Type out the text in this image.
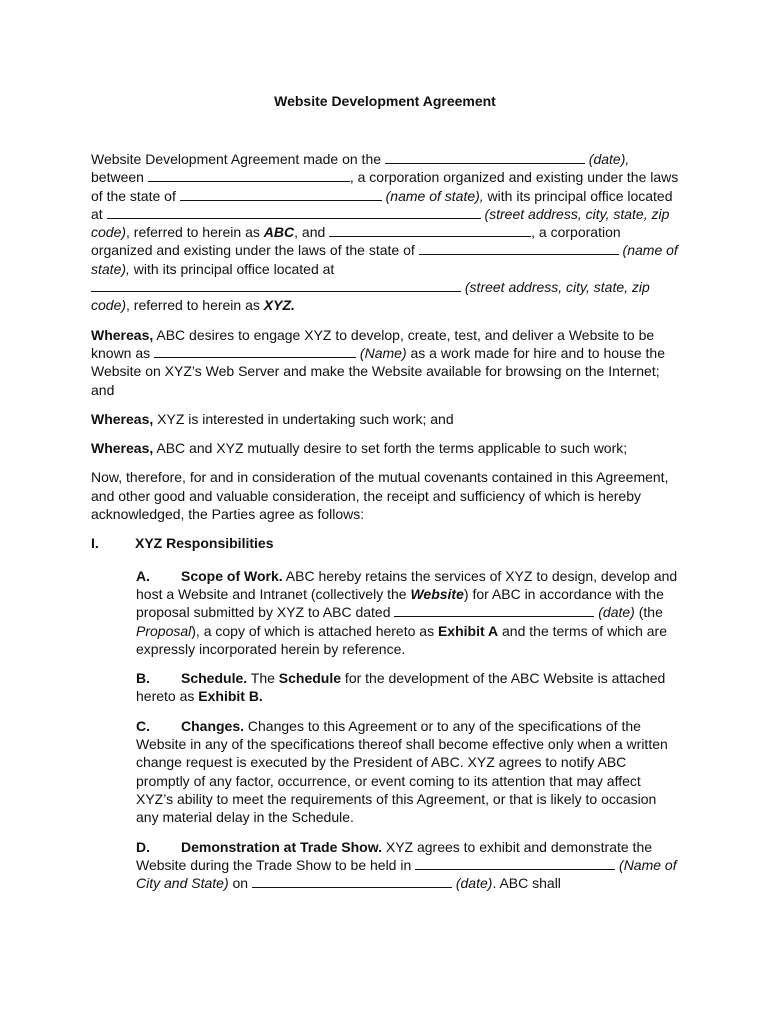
Website Development Agreement

Website Development Agreement made on the	(date), between	, a corporation organized and existing under the laws of the state of	(name of state), with its principal office located at	(street address, city, state, zip code), referred to herein as ABC, and	, a corporation organized and existing under the laws of the state of	(name of state), with its principal office located at  (street address, city, state, zip code), referred to herein as XYZ.

Whereas, ABC desires to engage XYZ to develop, create, test, and deliver a Website to be known as	(Name) as a work made for hire and to house the Website on XYZ’s Web Server and make the Website available for browsing on the Internet; and

Whereas, XYZ is interested in undertaking such work; and

Whereas, ABC and XYZ mutually desire to set forth the terms applicable to such work;

Now, therefore, for and in consideration of the mutual covenants contained in this Agreement, and other good and valuable consideration, the receipt and sufficiency of which is hereby acknowledged, the Parties agree as follows:

I.	XYZ Responsibilities

A. Scope of Work. ABC hereby retains the services of XYZ to design, develop and host a Website and Intranet (collectively the Website) for ABC in accordance with the proposal submitted by XYZ to ABC dated	(date) (the Proposal), a copy of which is attached hereto as Exhibit A and the terms of which are expressly incorporated herein by reference.

B. Schedule. The Schedule for the development of the ABC Website is attached hereto as Exhibit B.

C. Changes. Changes to this Agreement or to any of the specifications of the Website in any of the specifications thereof shall become effective only when a written change request is executed by the President of ABC. XYZ agrees to notify ABC promptly of any factor, occurrence, or event coming to its attention that may affect XYZ’s ability to meet the requirements of this Agreement, or that is likely to occasion any material delay in the Schedule.

D. Demonstration at Trade Show. XYZ agrees to exhibit and demonstrate the Website during the Trade Show to be held in	(Name of City and State) on	(date). ABC shall
